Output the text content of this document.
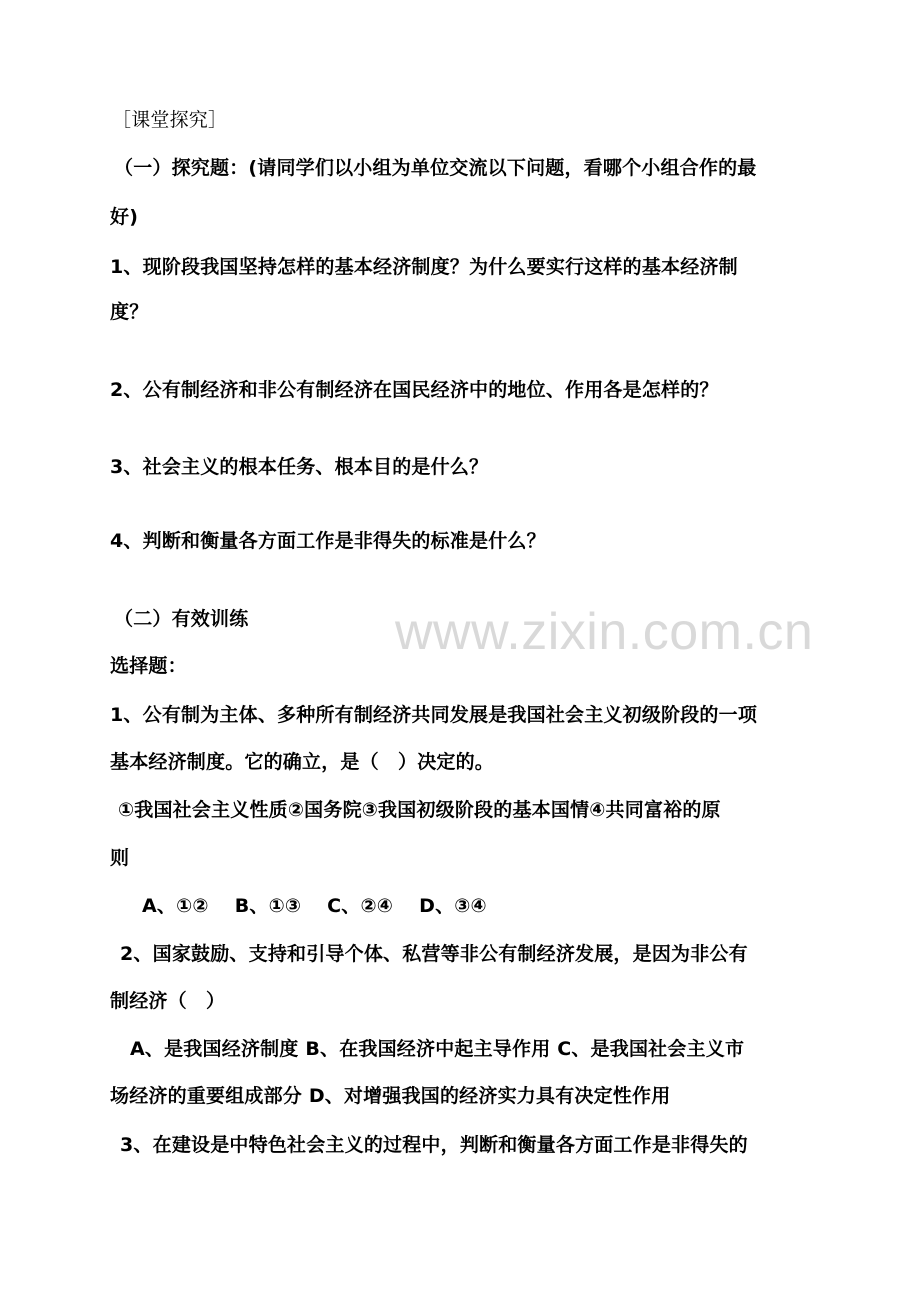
［课堂探究］
（一）探究题：(请同学们以小组为单位交流以下问题，看哪个小组合作的最
好)
1、现阶段我国坚持怎样的基本经济制度？为什么要实行这样的基本经济制
度？
2、公有制经济和非公有制经济在国民经济中的地位、作用各是怎样的？
3、社会主义的根本任务、根本目的是什么？
4、判断和衡量各方面工作是非得失的标准是什么？
www.zixin.com.cn
（二）有效训练
选择题：
1、公有制为主体、多种所有制经济共同发展是我国社会主义初级阶段的一项
基本经济制度。它的确立，是（　）决定的。
①我国社会主义性质②国务院③我国初级阶段的基本国情④共同富裕的原
则
A、①②　 B、①③　 C、②④　 D、③④
2、国家鼓励、支持和引导个体、私营等非公有制经济发展，是因为非公有
制经济（　）
A、是我国经济制度 B、在我国经济中起主导作用 C、是我国社会主义市
场经济的重要组成部分 D、对增强我国的经济实力具有决定性作用
3、在建设是中特色社会主义的过程中，判断和衡量各方面工作是非得失的
